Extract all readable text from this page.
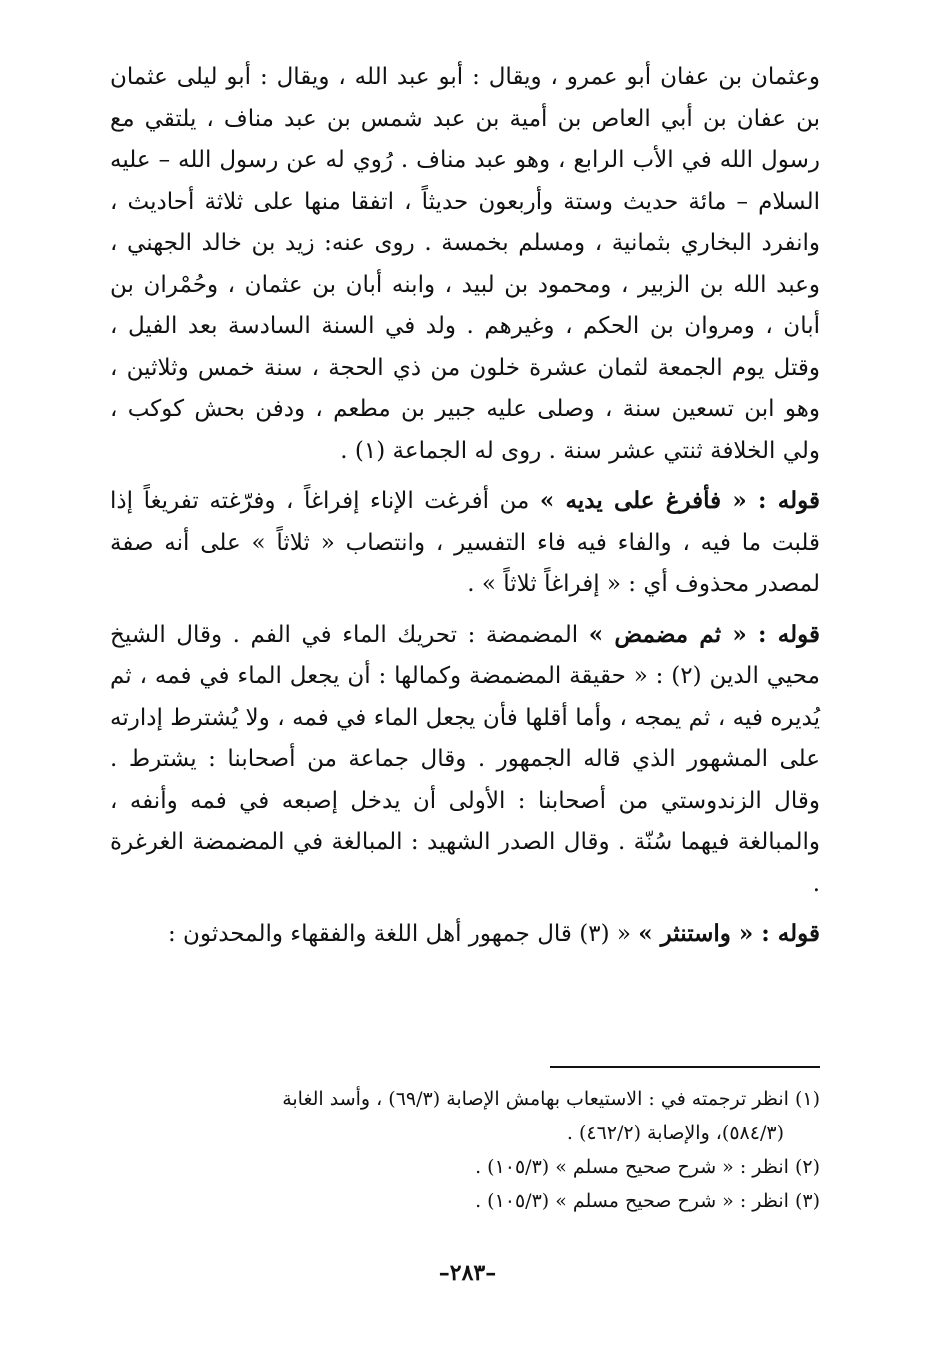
وعثمان بن عفان أبو عمرو ، ويقال : أبو عبد الله ، ويقال : أبو ليلى عثمان بن عفان بن أبي العاص بن أمية بن عبد شمس بن عبد مناف ، يلتقي مع رسول الله في الأب الرابع ، وهو عبد مناف . رُوي له عن رسول الله – عليه السلام – مائة حديث وستة وأربعون حديثاً ، اتفقا منها على ثلاثة أحاديث ، وانفرد البخاري بثمانية ، ومسلم بخمسة . روى عنه: زيد بن خالد الجهني ، وعبد الله بن الزبير ، ومحمود بن لبيد ، وابنه أبان بن عثمان ، وحُمْران بن أبان ، ومروان بن الحكم ، وغيرهم . ولد في السنة السادسة بعد الفيل ، وقتل يوم الجمعة لثمان عشرة خلون من ذي الحجة ، سنة خمس وثلاثين ، وهو ابن تسعين سنة ، وصلى عليه جبير بن مطعم ، ودفن بحش كوكب ، ولي الخلافة ثنتي عشر سنة . روى له الجماعة (١) .

قوله : « فأفرغ على يديه » من أفرغت الإناء إفراغاً ، وفرّغته تفريغاً إذا قلبت ما فيه ، والفاء فيه فاء التفسير ، وانتصاب « ثلاثاً » على أنه صفة لمصدر محذوف أي : « إفراغاً ثلاثاً » .

قوله : « ثم مضمض » المضمضة : تحريك الماء في الفم . وقال الشيخ محيي الدين (٢) : « حقيقة المضمضة وكمالها : أن يجعل الماء في فمه ، ثم يُديره فيه ، ثم يمجه ، وأما أقلها فأن يجعل الماء في فمه ، ولا يُشترط إدارته على المشهور الذي قاله الجمهور . وقال جماعة من أصحابنا : يشترط . وقال الزندوستي من أصحابنا : الأولى أن يدخل إصبعه في فمه وأنفه ، والمبالغة فيهما سُنّة . وقال الصدر الشهيد : المبالغة في المضمضة الغرغرة .

قوله : « واستنثر » « (٣) قال جمهور أهل اللغة والفقهاء والمحدثون :

(١) انظر ترجمته في : الاستيعاب بهامش الإصابة (٦٩/٣) ، وأسد الغابة
(٥٨٤/٣)، والإصابة (٤٦٢/٢) .

(٢) انظر : « شرح صحيح مسلم » (١٠٥/٣) .

(٣) انظر : « شرح صحيح مسلم » (١٠٥/٣) .

–٢٨٣–
